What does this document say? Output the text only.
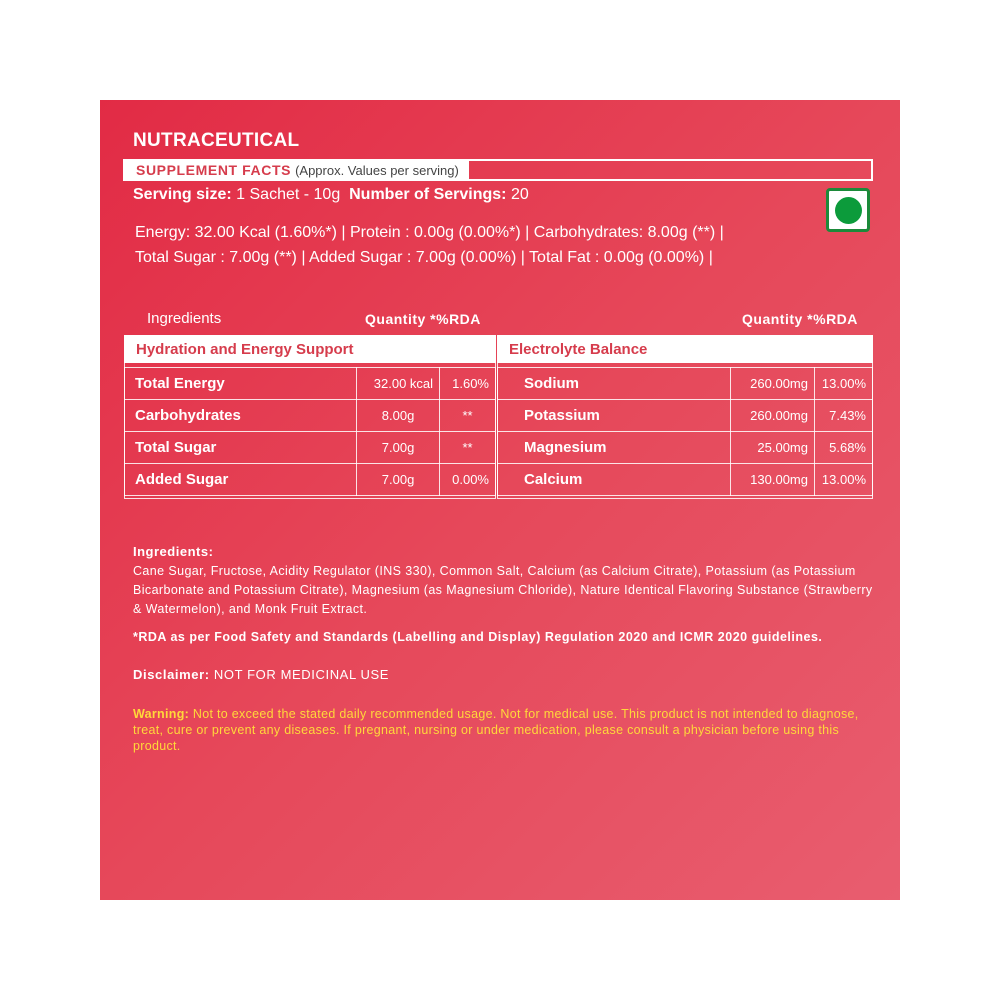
NUTRACEUTICAL
SUPPLEMENT FACTS (Approx. Values per serving)
Serving size: 1 Sachet - 10g Number of Servings: 20
Energy: 32.00 Kcal (1.60%*) | Protein : 0.00g (0.00%*) | Carbohydrates: 8.00g (**) |
Total Sugar : 7.00g (**) | Added Sugar : 7.00g (0.00%) | Total Fat : 0.00g (0.00%) |
Ingredients	Quantity *%RDA	Quantity *%RDA
Hydration and Energy Support
Total Energy	32.00 kcal	1.60%
Carbohydrates	8.00g	**
Total Sugar	7.00g	**
Added Sugar	7.00g	0.00%
Electrolyte Balance
Sodium	260.00mg	13.00%
Potassium	260.00mg	7.43%
Magnesium	25.00mg	5.68%
Calcium	130.00mg	13.00%
Ingredients:
Cane Sugar, Fructose, Acidity Regulator (INS 330), Common Salt, Calcium (as Calcium Citrate), Potassium (as Potassium Bicarbonate and Potassium Citrate), Magnesium (as Magnesium Chloride), Nature Identical Flavoring Substance (Strawberry & Watermelon), and Monk Fruit Extract.
*RDA as per Food Safety and Standards (Labelling and Display) Regulation 2020 and ICMR 2020 guidelines.
Disclaimer: NOT FOR MEDICINAL USE
Warning: Not to exceed the stated daily recommended usage. Not for medical use. This product is not intended to diagnose, treat, cure or prevent any diseases. If pregnant, nursing or under medication, please consult a physician before using this product.
